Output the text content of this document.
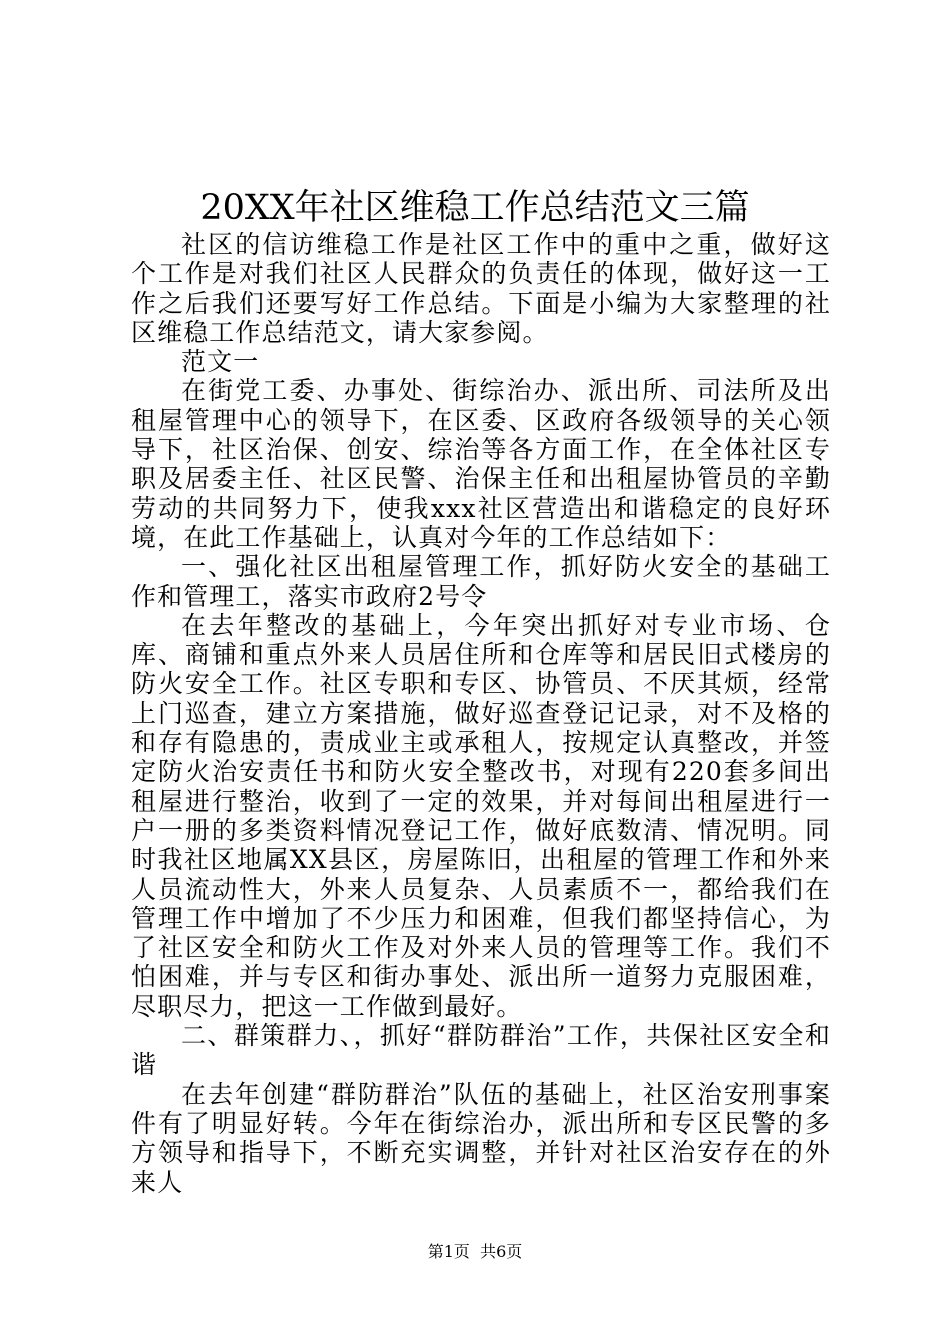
20XX年社区维稳工作总结范文三篇

社区的信访维稳工作是社区工作中的重中之重，做好这个工作是对我们社区人民群众的负责任的体现，做好这一工作之后我们还要写好工作总结。下面是小编为大家整理的社区维稳工作总结范文，请大家参阅。

范文一

在街党工委、办事处、街综治办、派出所、司法所及出租屋管理中心的领导下，在区委、区政府各级领导的关心领导下，社区治保、创安、综治等各方面工作，在全体社区专职及居委主任、社区民警、治保主任和出租屋协管员的辛勤劳动的共同努力下，使我xxx社区营造出和谐稳定的良好环境，在此工作基础上，认真对今年的工作总结如下：

一、强化社区出租屋管理工作，抓好防火安全的基础工作和管理工，落实市政府2号令

在去年整改的基础上，今年突出抓好对专业市场、仓库、商铺和重点外来人员居住所和仓库等和居民旧式楼房的防火安全工作。社区专职和专区、协管员、不厌其烦，经常上门巡查，建立方案措施，做好巡查登记记录，对不及格的和存有隐患的，责成业主或承租人，按规定认真整改，并签定防火治安责任书和防火安全整改书，对现有220套多间出租屋进行整治，收到了一定的效果，并对每间出租屋进行一户一册的多类资料情况登记工作，做好底数清、情况明。同时我社区地属XX县区，房屋陈旧，出租屋的管理工作和外来人员流动性大，外来人员复杂、人员素质不一，都给我们在管理工作中增加了不少压力和困难，但我们都坚持信心，为了社区安全和防火工作及对外来人员的管理等工作。我们不怕困难，并与专区和街办事处、派出所一道努力克服困难，尽职尽力，把这一工作做到最好。

二、群策群力、，抓好“群防群治”工作，共保社区安全和谐

在去年创建“群防群治”队伍的基础上，社区治安刑事案件有了明显好转。今年在街综治办，派出所和专区民警的多方领导和指导下，不断充实调整，并针对社区治安存在的外来人

第1页  共6页
